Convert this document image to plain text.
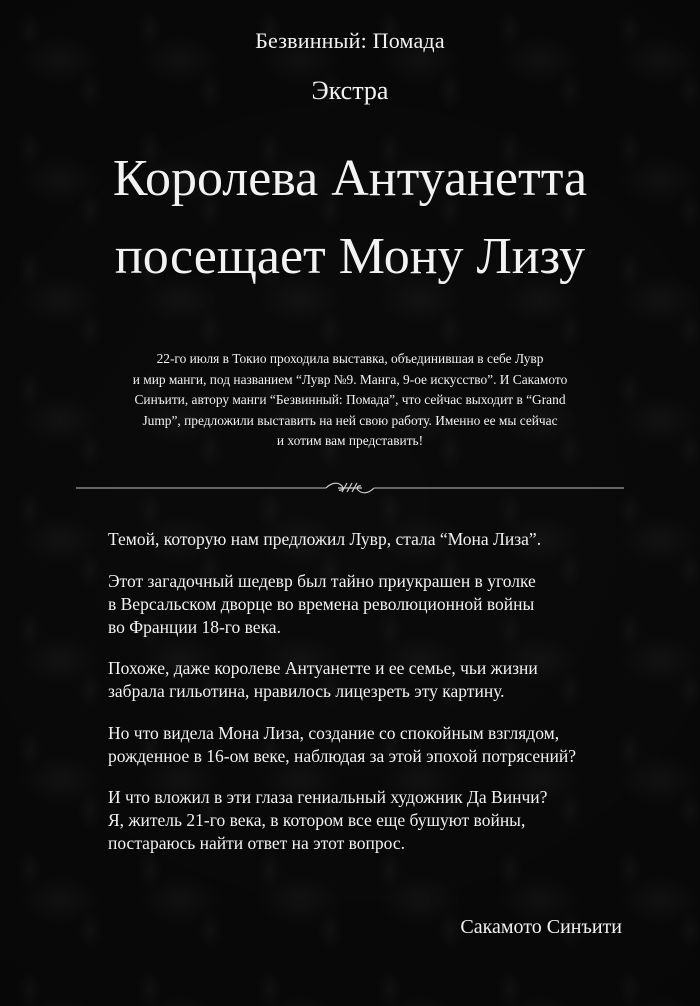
Безвинный: Помада
Экстра
Королева Антуанетта
посещает Мону Лизу
22-го июля в Токио проходила выставка, объединившая в себе Лувр
и мир манги, под названием “Лувр №9. Манга, 9-ое искусство”. И Сакамото
Синъити, автору манги “Безвинный: Помада”, что сейчас выходит в “Grand
Jump”, предложили выставить на ней свою работу. Именно ее мы сейчас
и хотим вам представить!
Темой, которую нам предложил Лувр, стала “Мона Лиза”.
Этот загадочный шедевр был тайно приукрашен в уголке
в Версальском дворце во времена революционной войны
во Франции 18-го века.
Похоже, даже королеве Антуанетте и ее семье, чьи жизни
забрала гильотина, нравилось лицезреть эту картину.
Но что видела Мона Лиза, создание со спокойным взглядом,
рожденное в 16-ом веке, наблюдая за этой эпохой потрясений?
И что вложил в эти глаза гениальный художник Да Винчи?
Я, житель 21-го века, в котором все еще бушуют войны,
постараюсь найти ответ на этот вопрос.
Сакамото Синъити
